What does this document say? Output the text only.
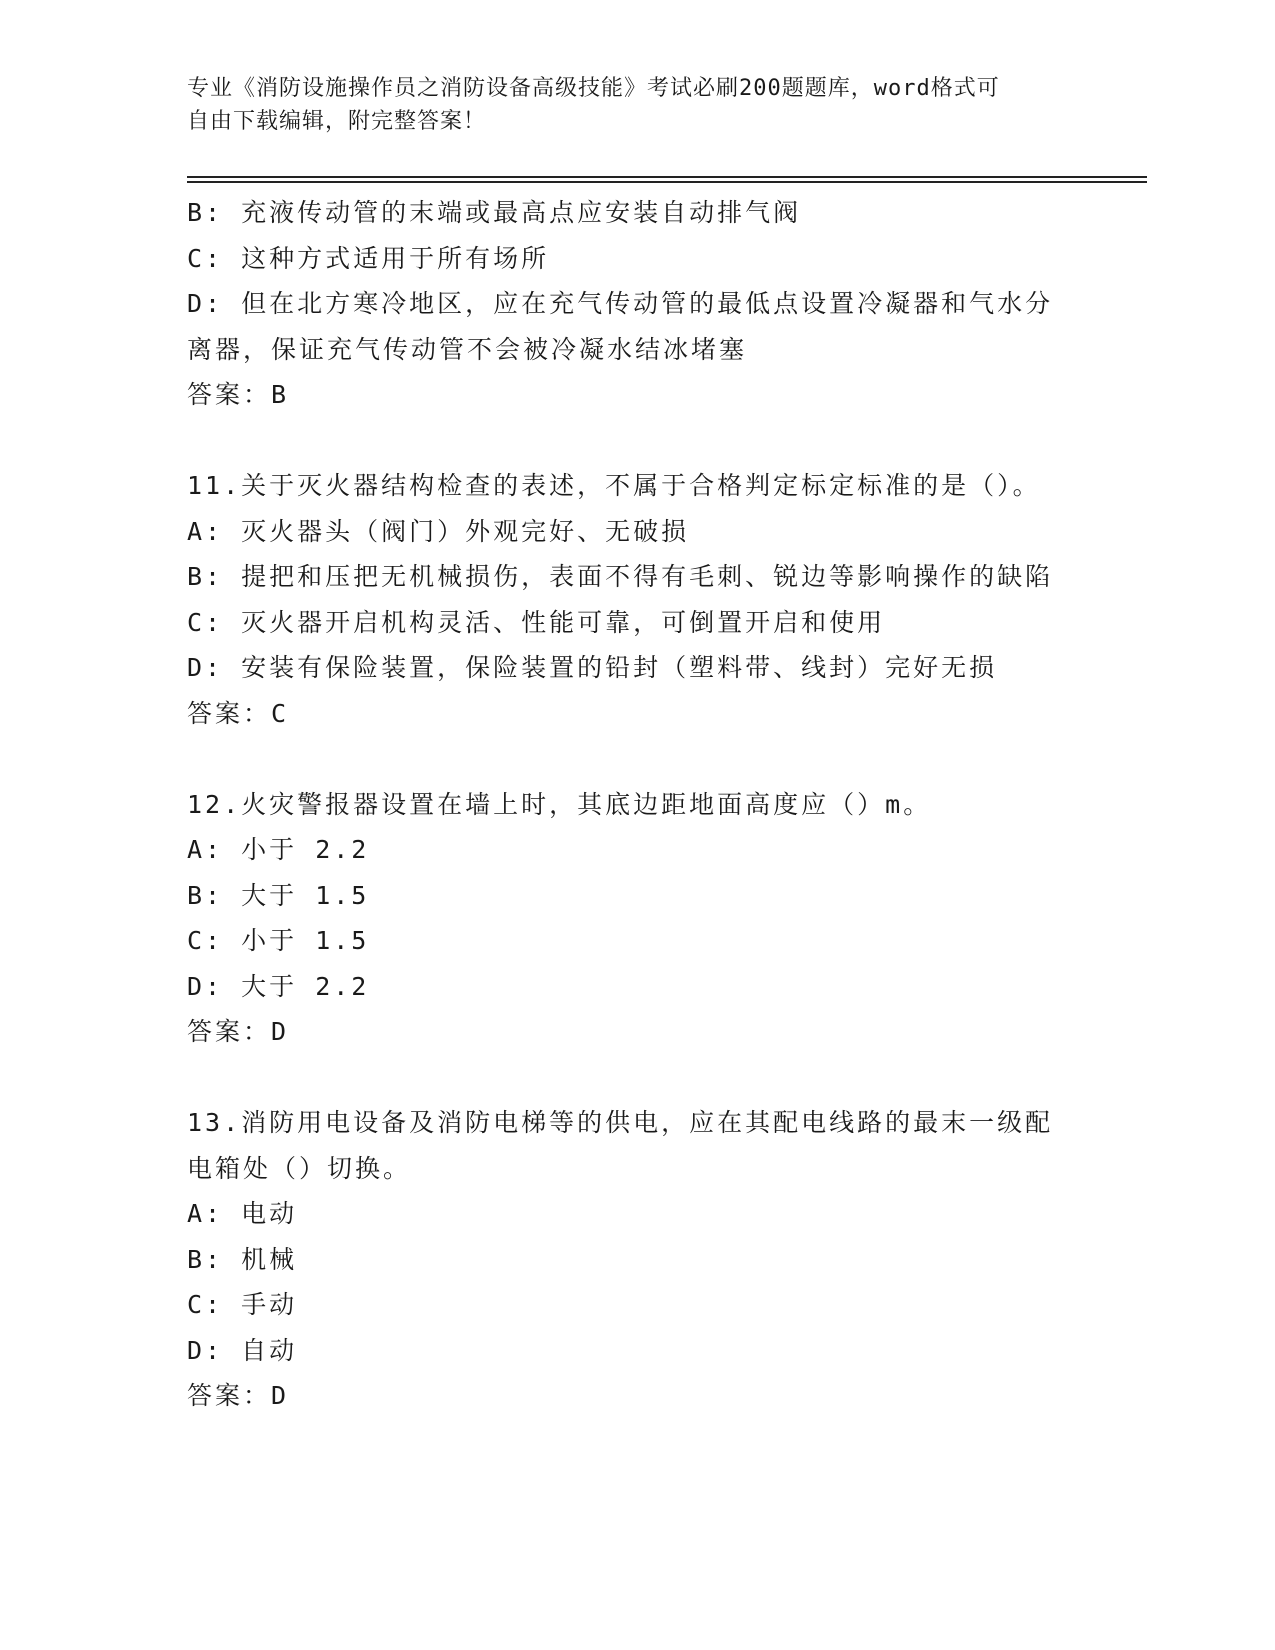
专业《消防设施操作员之消防设备高级技能》考试必刷200题题库，word格式可
自由下载编辑，附完整答案！
B: 充液传动管的末端或最高点应安装自动排气阀
C: 这种方式适用于所有场所
D: 但在北方寒冷地区，应在充气传动管的最低点设置冷凝器和气水分
离器，保证充气传动管不会被冷凝水结冰堵塞
答案：B
11.关于灭火器结构检查的表述，不属于合格判定标定标准的是（）。
A: 灭火器头（阀门）外观完好、无破损
B: 提把和压把无机械损伤，表面不得有毛刺、锐边等影响操作的缺陷
C: 灭火器开启机构灵活、性能可靠，可倒置开启和使用
D: 安装有保险装置，保险装置的铅封（塑料带、线封）完好无损
答案：C
12.火灾警报器设置在墙上时，其底边距地面高度应（）m。
A: 小于 2.2
B: 大于 1.5
C: 小于 1.5
D: 大于 2.2
答案：D
13.消防用电设备及消防电梯等的供电，应在其配电线路的最末一级配
电箱处（）切换。
A: 电动
B: 机械
C: 手动
D: 自动
答案：D
